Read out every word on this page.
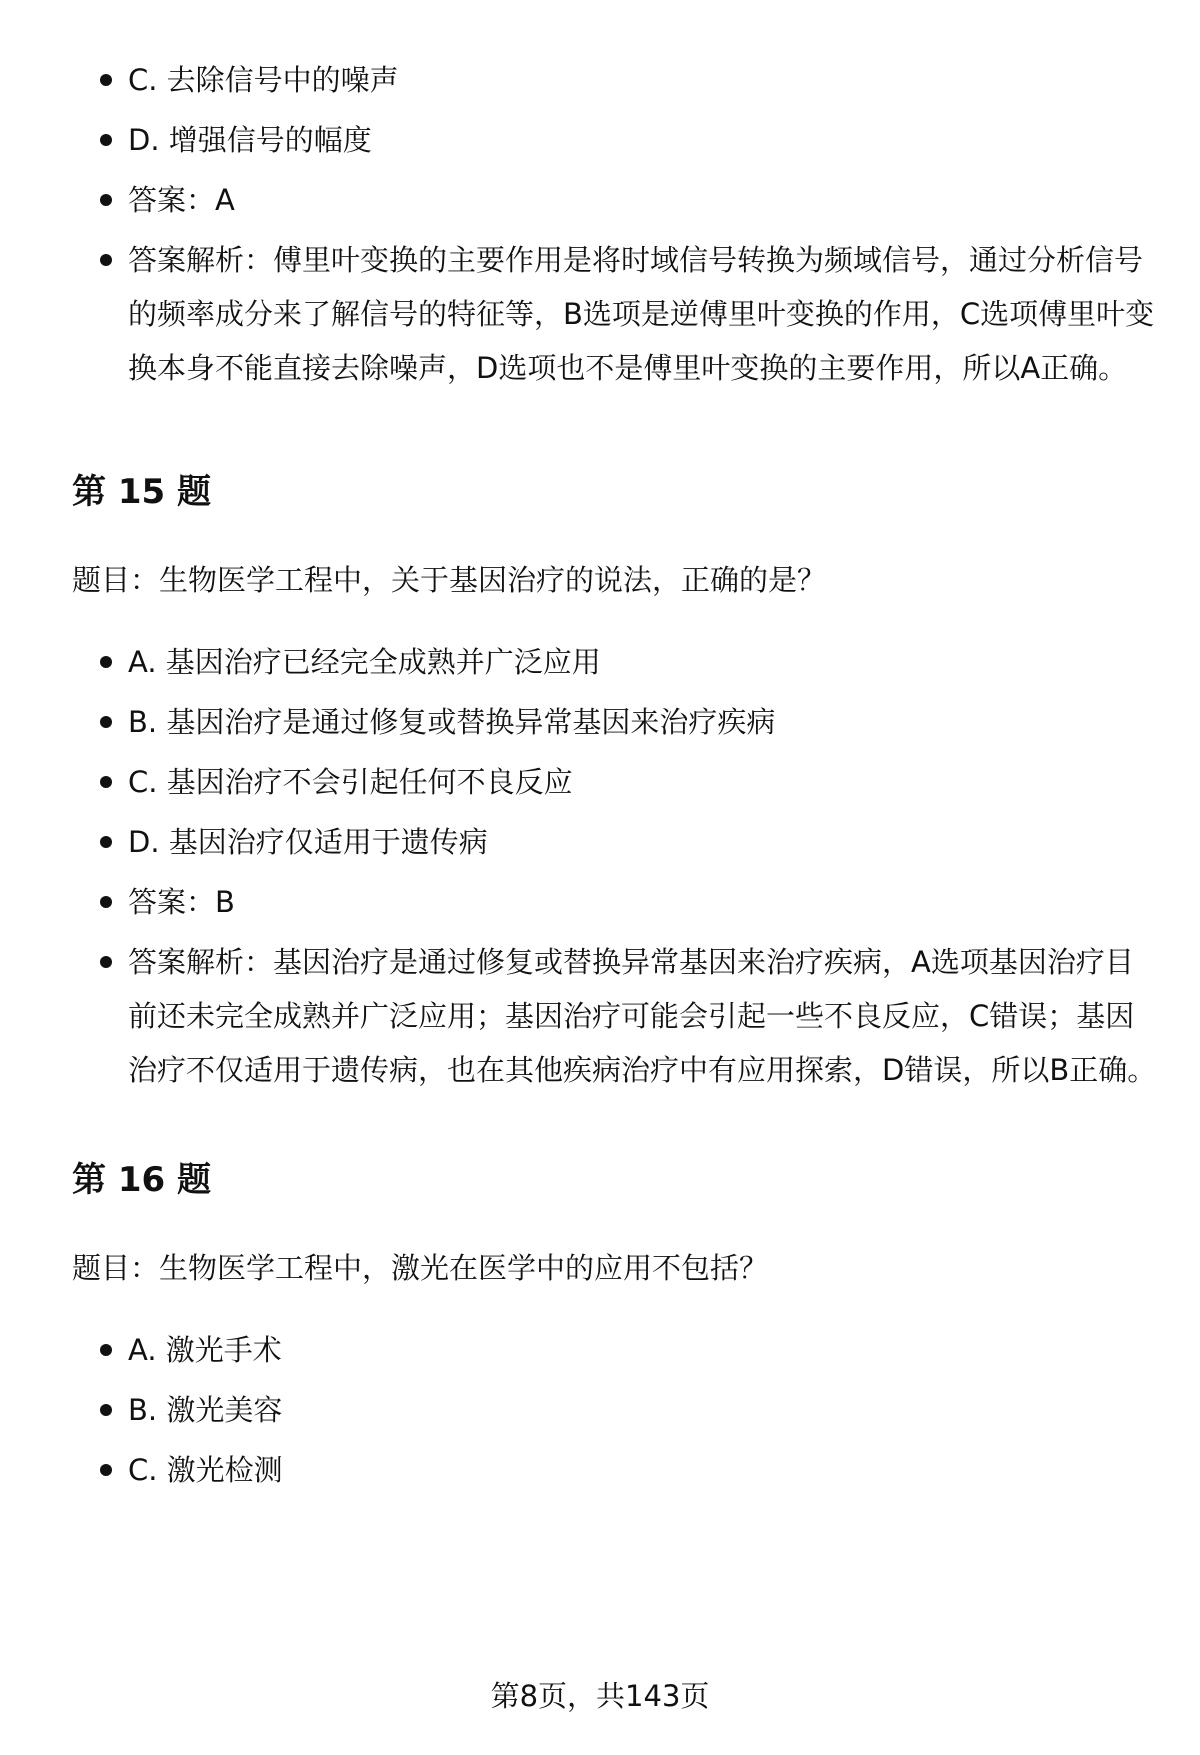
C. 去除信号中的噪声
D. 增强信号的幅度
答案：A
答案解析：傅里叶变换的主要作用是将时域信号转换为频域信号，通过分析信号的频率成分来了解信号的特征等，B选项是逆傅里叶变换的作用，C选项傅里叶变换本身不能直接去除噪声，D选项也不是傅里叶变换的主要作用，所以A正确。
第 15 题
题目：生物医学工程中，关于基因治疗的说法，正确的是？
A. 基因治疗已经完全成熟并广泛应用
B. 基因治疗是通过修复或替换异常基因来治疗疾病
C. 基因治疗不会引起任何不良反应
D. 基因治疗仅适用于遗传病
答案：B
答案解析：基因治疗是通过修复或替换异常基因来治疗疾病，A选项基因治疗目前还未完全成熟并广泛应用；基因治疗可能会引起一些不良反应，C错误；基因治疗不仅适用于遗传病，也在其他疾病治疗中有应用探索，D错误，所以B正确。
第 16 题
题目：生物医学工程中，激光在医学中的应用不包括？
A. 激光手术
B. 激光美容
C. 激光检测
第8页，共143页
